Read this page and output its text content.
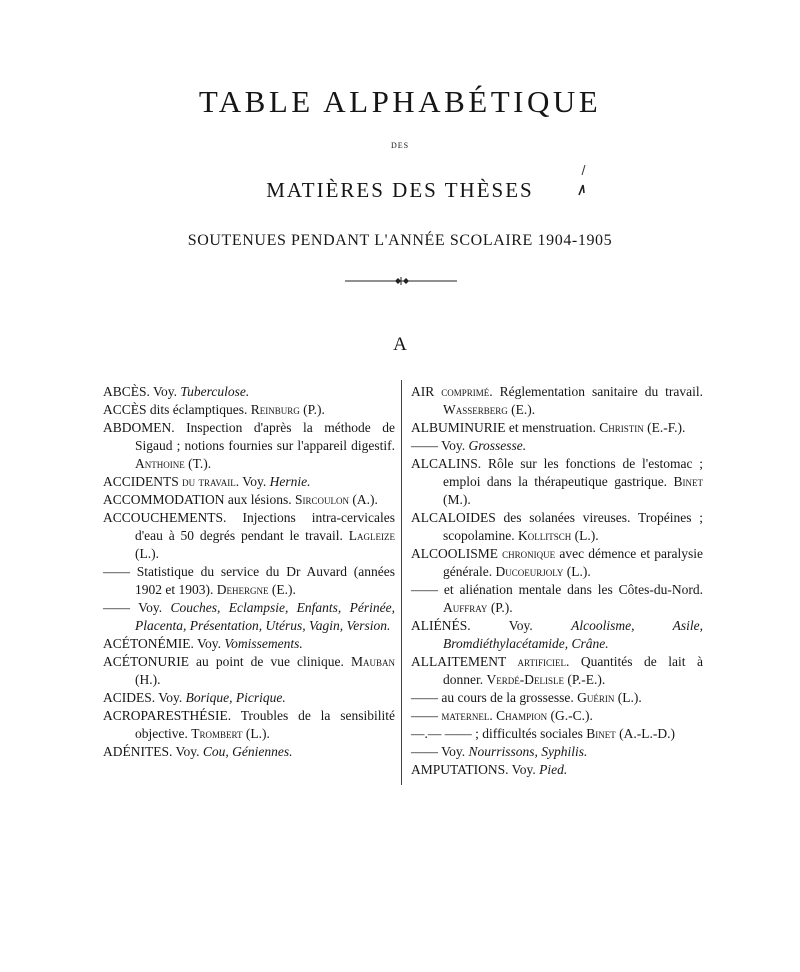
TABLE ALPHABÉTIQUE
DES
MATIÈRES DES THÈSES
SOUTENUES PENDANT L'ANNÉE SCOLAIRE 1904-1905
A
ABCÈS. Voy. Tuberculose.
ACCÈS dits éclamptiques. Reinburg (P.).
ABDOMEN. Inspection d'après la méthode de Sigaud ; notions fournies sur l'appareil digestif. Anthoine (T.).
ACCIDENTS du travail. Voy. Hernie.
ACCOMMODATION aux lésions. Sircoulon (A.).
ACCOUCHEMENTS. Injections intra-cervicales d'eau à 50 degrés pendant le travail. Lagleize (L.).
—— Statistique du service du Dr Auvard (années 1902 et 1903). Dehergne (E.).
—— Voy. Couches, Eclampsie, Enfants, Périnée, Placenta, Présentation, Utérus, Vagin, Version.
ACÉTONÉMIE. Voy. Vomissements.
ACÉTONURIE au point de vue clinique. Mauban (H.).
ACIDES. Voy. Borique, Picrique.
ACROPARESTHÉSIE. Troubles de la sensibilité objective. Trombert (L.).
ADÉNITES. Voy. Cou, Géniennes.
AIR comprimé. Réglementation sanitaire du travail. Wasserberg (E.).
ALBUMINURIE et menstruation. Christin (E.-F.).
—— Voy. Grossesse.
ALCALINS. Rôle sur les fonctions de l'estomac ; emploi dans la thérapeutique gastrique. Binet (M.).
ALCALOIDES des solanées vireuses. Tropéines ; scopolamine. Kollitsch (L.).
ALCOOLISME chronique avec démence et paralysie générale. Ducoeurjoly (L.).
—— et aliénation mentale dans les Côtes-du-Nord. Auffray (P.).
ALIÉNÉS. Voy. Alcoolisme, Asile, Bromdiéthylacétamide, Crâne.
ALLAITEMENT artificiel. Quantités de lait à donner. Verdé-Delisle (P.-E.).
—— au cours de la grossesse. Guérin (L.).
—— maternel. Champion (G.-C.).
—.— —— ; difficultés sociales Binet (A.-L.-D.)
—— Voy. Nourrissons, Syphilis.
AMPUTATIONS. Voy. Pied.
